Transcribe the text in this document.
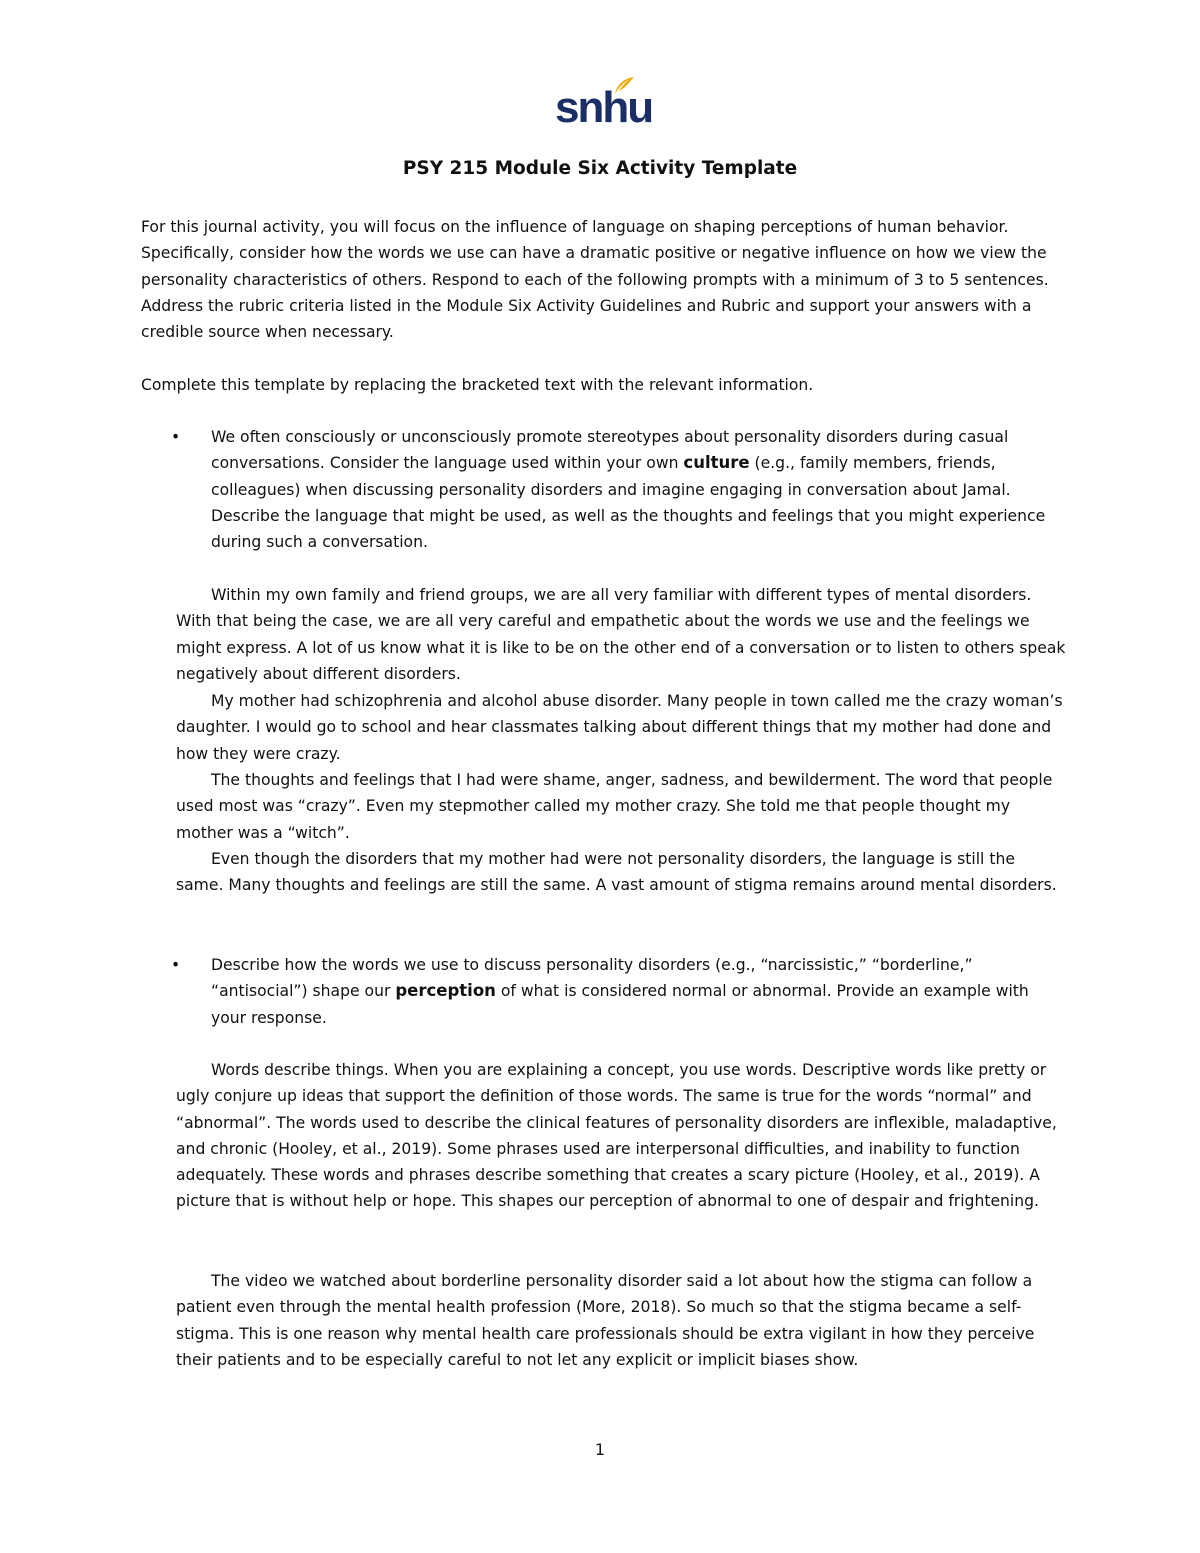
snhu
PSY 215 Module Six Activity Template

For this journal activity, you will focus on the influence of language on shaping perceptions of human behavior. Specifically, consider how the words we use can have a dramatic positive or negative influence on how we view the personality characteristics of others. Respond to each of the following prompts with a minimum of 3 to 5 sentences. Address the rubric criteria listed in the Module Six Activity Guidelines and Rubric and support your answers with a credible source when necessary.

Complete this template by replacing the bracketed text with the relevant information.

• We often consciously or unconsciously promote stereotypes about personality disorders during casual conversations. Consider the language used within your own culture (e.g., family members, friends, colleagues) when discussing personality disorders and imagine engaging in conversation about Jamal. Describe the language that might be used, as well as the thoughts and feelings that you might experience during such a conversation.

Within my own family and friend groups, we are all very familiar with different types of mental disorders. With that being the case, we are all very careful and empathetic about the words we use and the feelings we might express. A lot of us know what it is like to be on the other end of a conversation or to listen to others speak negatively about different disorders.

My mother had schizophrenia and alcohol abuse disorder. Many people in town called me the crazy woman’s daughter. I would go to school and hear classmates talking about different things that my mother had done and how they were crazy.

The thoughts and feelings that I had were shame, anger, sadness, and bewilderment. The word that people used most was “crazy”. Even my stepmother called my mother crazy. She told me that people thought my mother was a “witch”.

Even though the disorders that my mother had were not personality disorders, the language is still the same. Many thoughts and feelings are still the same. A vast amount of stigma remains around mental disorders.

• Describe how the words we use to discuss personality disorders (e.g., “narcissistic,” “borderline,” “antisocial”) shape our perception of what is considered normal or abnormal. Provide an example with your response.

Words describe things. When you are explaining a concept, you use words. Descriptive words like pretty or ugly conjure up ideas that support the definition of those words. The same is true for the words “normal” and “abnormal”. The words used to describe the clinical features of personality disorders are inflexible, maladaptive, and chronic (Hooley, et al., 2019). Some phrases used are interpersonal difficulties, and inability to function adequately. These words and phrases describe something that creates a scary picture (Hooley, et al., 2019). A picture that is without help or hope. This shapes our perception of abnormal to one of despair and frightening.

The video we watched about borderline personality disorder said a lot about how the stigma can follow a patient even through the mental health profession (More, 2018). So much so that the stigma became a self-stigma. This is one reason why mental health care professionals should be extra vigilant in how they perceive their patients and to be especially careful to not let any explicit or implicit biases show.

1
